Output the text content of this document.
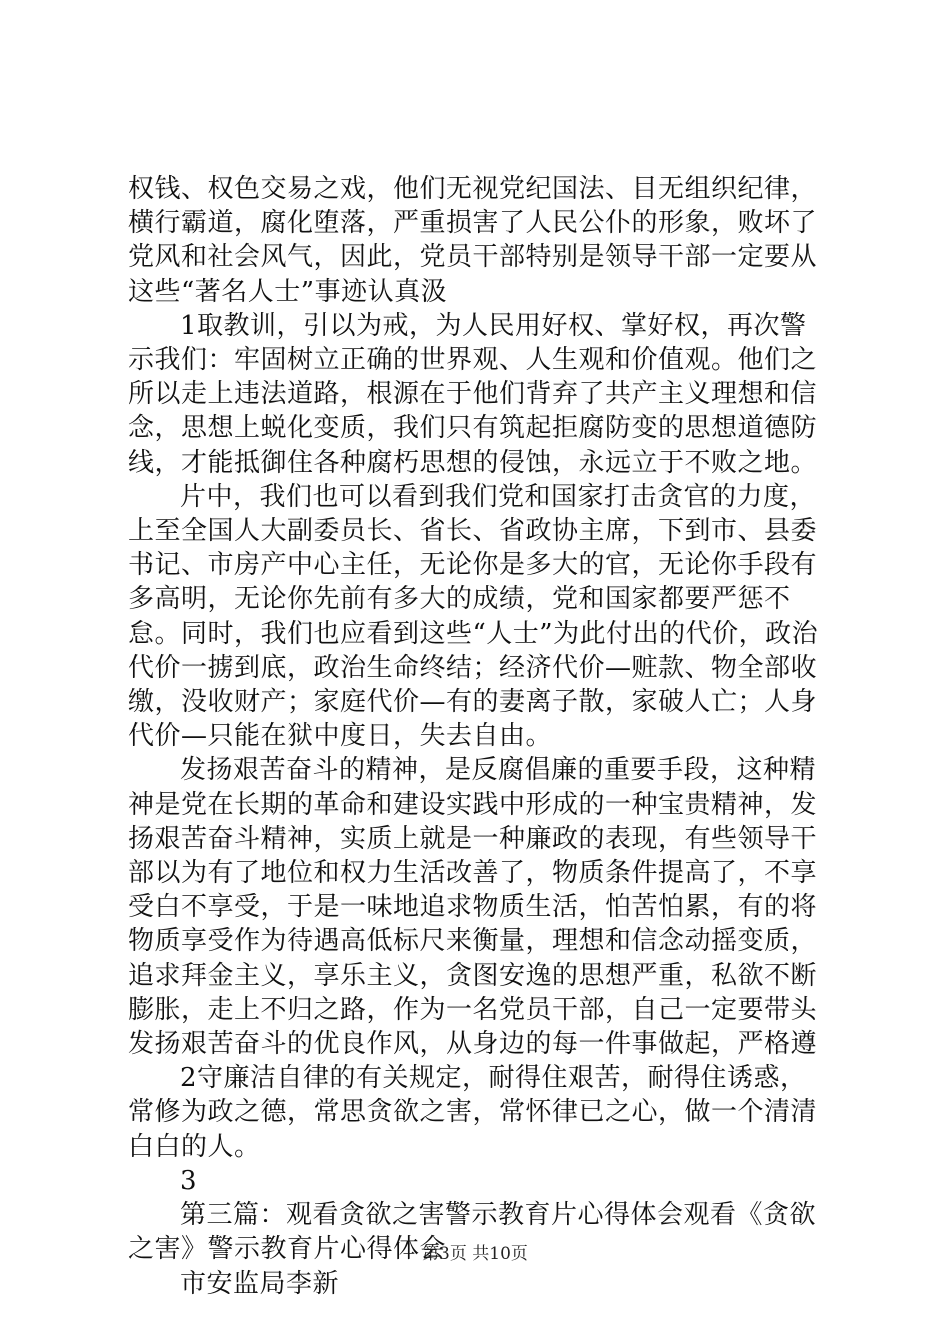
权钱、权色交易之戏，他们无视党纪国法、目无组织纪律，横行霸道，腐化堕落，严重损害了人民公仆的形象，败坏了党风和社会风气，因此，党员干部特别是领导干部一定要从这些“著名人士”事迹认真汲

1取教训，引以为戒，为人民用好权、掌好权，再次警示我们：牢固树立正确的世界观、人生观和价值观。他们之所以走上违法道路，根源在于他们背弃了共产主义理想和信念，思想上蜕化变质，我们只有筑起拒腐防变的思想道德防线，才能抵御住各种腐朽思想的侵蚀，永远立于不败之地。

片中，我们也可以看到我们党和国家打击贪官的力度，上至全国人大副委员长、省长、省政协主席，下到市、县委书记、市房产中心主任，无论你是多大的官，无论你手段有多高明，无论你先前有多大的成绩，党和国家都要严惩不怠。同时，我们也应看到这些“人士”为此付出的代价，政治代价一掳到底，政治生命终结；经济代价—赃款、物全部收缴，没收财产；家庭代价—有的妻离子散，家破人亡；人身代价—只能在狱中度日，失去自由。

发扬艰苦奋斗的精神，是反腐倡廉的重要手段，这种精神是党在长期的革命和建设实践中形成的一种宝贵精神，发扬艰苦奋斗精神，实质上就是一种廉政的表现，有些领导干部以为有了地位和权力生活改善了，物质条件提高了，不享受白不享受，于是一味地追求物质生活，怕苦怕累，有的将物质享受作为待遇高低标尺来衡量，理想和信念动摇变质，追求拜金主义，享乐主义，贪图安逸的思想严重，私欲不断膨胀，走上不归之路，作为一名党员干部，自己一定要带头发扬艰苦奋斗的优良作风，从身边的每一件事做起，严格遵

2守廉洁自律的有关规定，耐得住艰苦，耐得住诱惑，常修为政之德，常思贪欲之害，常怀律已之心，做一个清清白白的人。

3

第三篇：观看贪欲之害警示教育片心得体会观看《贪欲之害》警示教育片心得体会

市安监局李新

第3页 共10页
